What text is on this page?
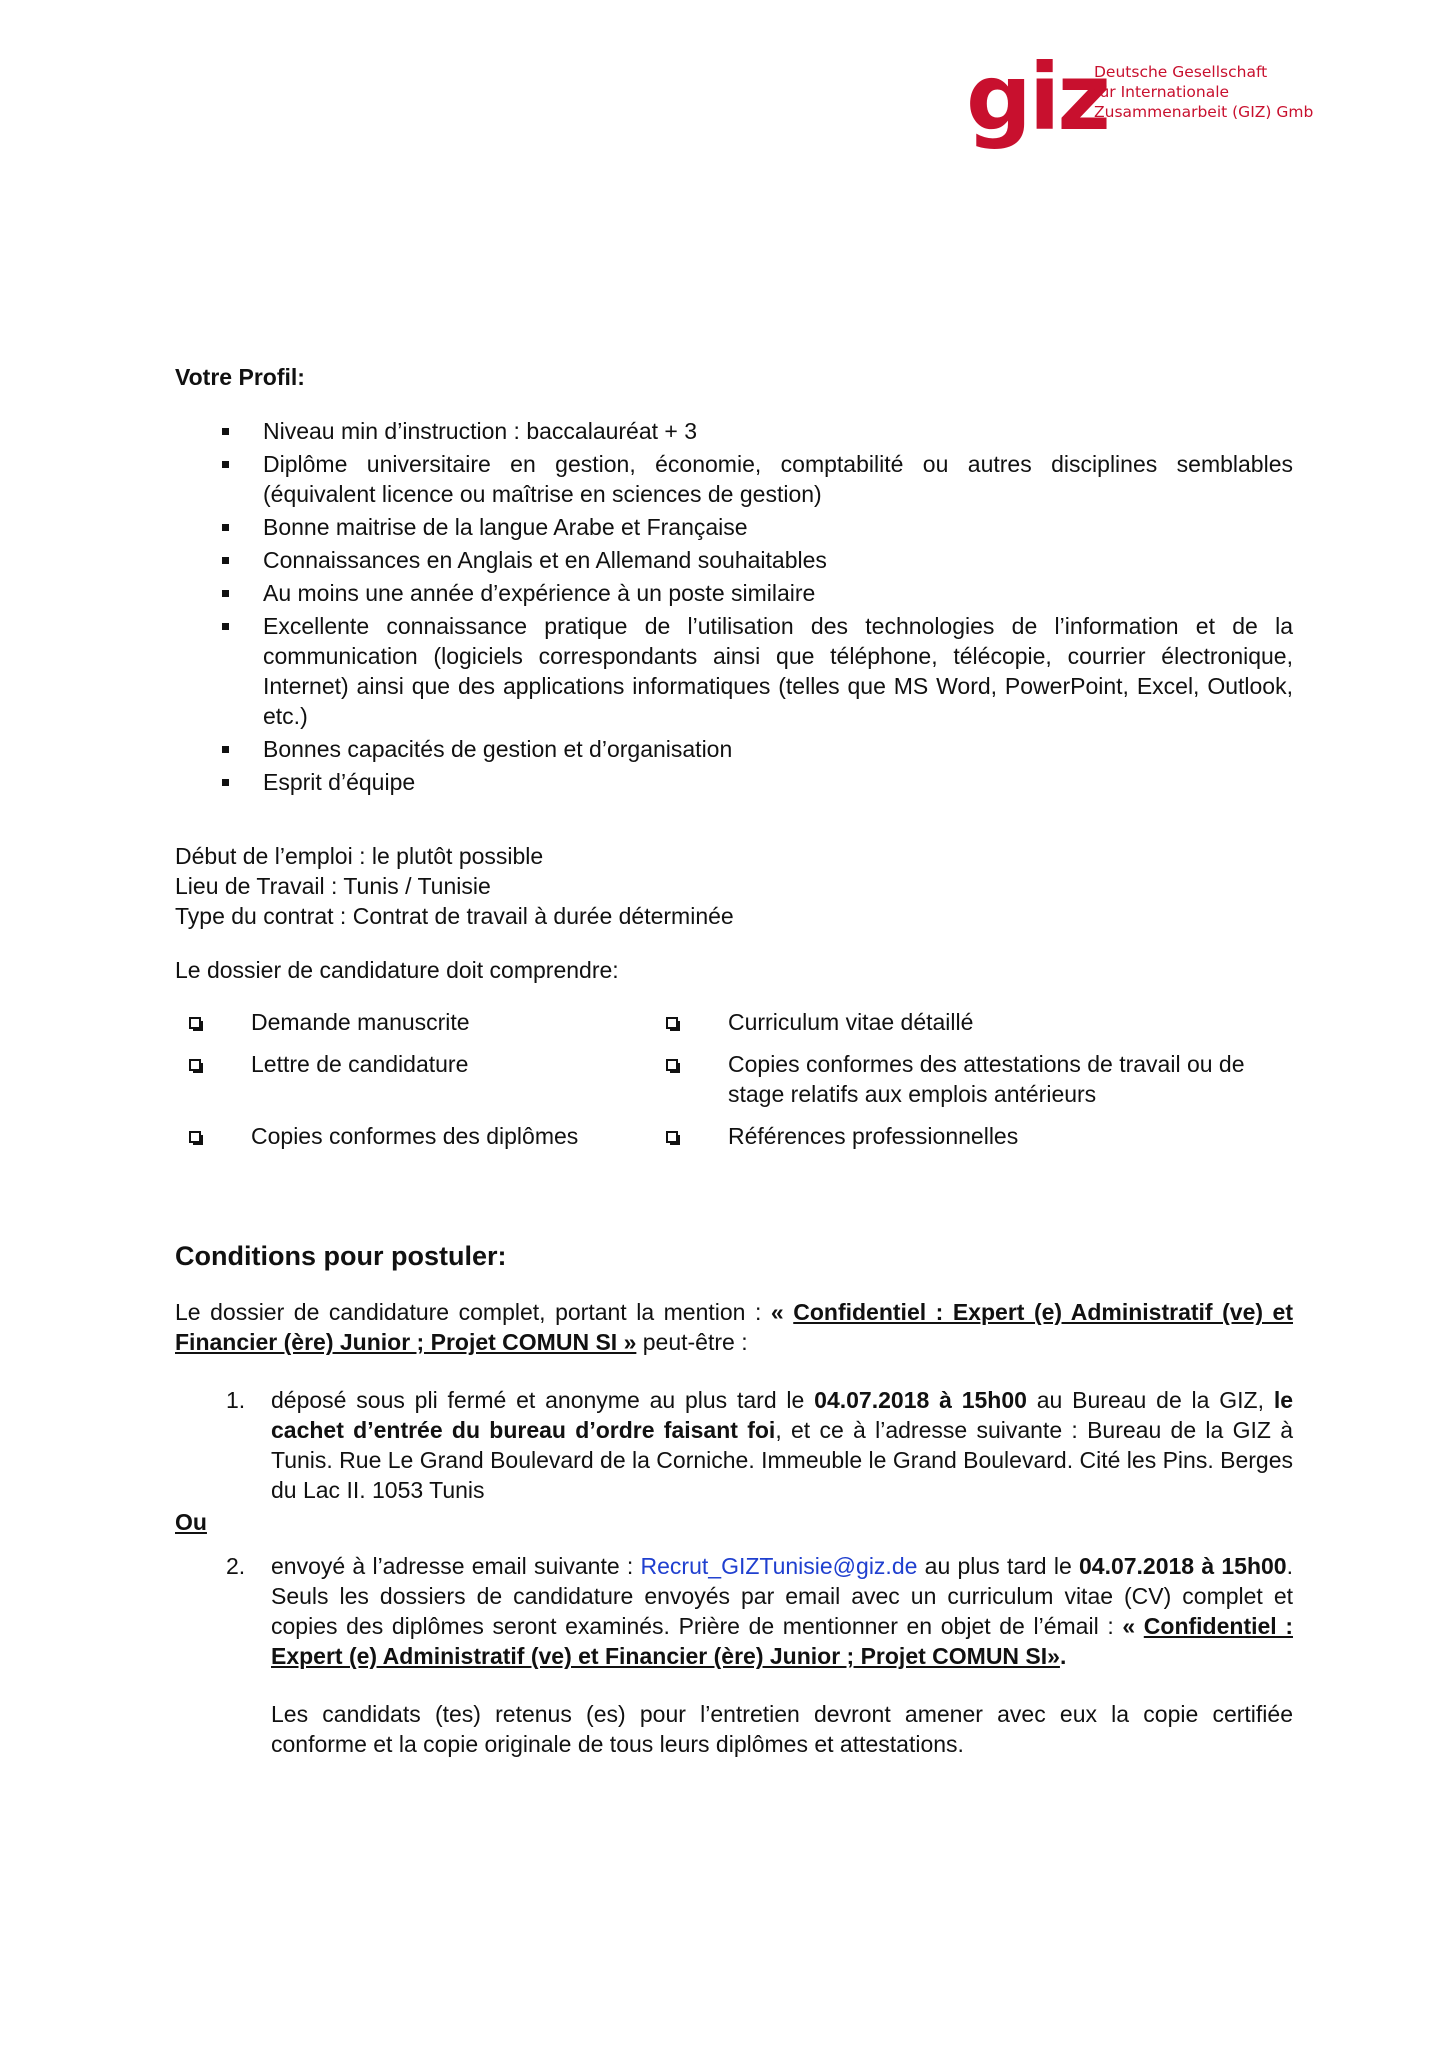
giz
Deutsche Gesellschaft
für Internationale
Zusammenarbeit (GIZ) Gmb

Votre Profil:

Niveau min d’instruction : baccalauréat + 3
Diplôme universitaire en gestion, économie, comptabilité ou autres disciplines semblables (équivalent licence ou maîtrise en sciences de gestion)
Bonne maitrise de la langue Arabe et Française
Connaissances en Anglais et en Allemand souhaitables
Au moins une année d’expérience à un poste similaire
Excellente connaissance pratique de l’utilisation des technologies de l’information et de la communication (logiciels correspondants ainsi que téléphone, télécopie, courrier électronique, Internet) ainsi que des applications informatiques (telles que MS Word, PowerPoint, Excel, Outlook, etc.)
Bonnes capacités de gestion et d’organisation
Esprit d’équipe

Début de l’emploi : le plutôt possible

Lieu de Travail : Tunis / Tunisie

Type du contrat : Contrat de travail à durée déterminée

Le dossier de candidature doit comprendre:

Demande manuscrite	Curriculum vitae détaillé
Lettre de candidature	Copies conformes des attestations de travail ou de stage relatifs aux emplois antérieurs
Copies conformes des diplômes	Références professionnelles

Conditions pour postuler:

Le dossier de candidature complet, portant la mention : « Confidentiel : Expert (e) Administratif (ve) et Financier (ère) Junior ; Projet COMUN SI » peut-être :

1. déposé sous pli fermé et anonyme au plus tard le 04.07.2018 à 15h00 au Bureau de la GIZ, le cachet d’entrée du bureau d’ordre faisant foi, et ce à l’adresse suivante : Bureau de la GIZ à Tunis. Rue Le Grand Boulevard de la Corniche. Immeuble le Grand Boulevard. Cité les Pins. Berges du Lac II. 1053 Tunis

Ou

2. envoyé à l’adresse email suivante : Recrut_GIZTunisie@giz.de au plus tard le 04.07.2018 à 15h00. Seuls les dossiers de candidature envoyés par email avec un curriculum vitae (CV) complet et copies des diplômes seront examinés. Prière de mentionner en objet de l’émail : « Confidentiel : Expert (e) Administratif (ve) et Financier (ère) Junior ; Projet COMUN SI».

Les candidats (tes) retenus (es) pour l’entretien devront amener avec eux la copie certifiée conforme et la copie originale de tous leurs diplômes et attestations.
